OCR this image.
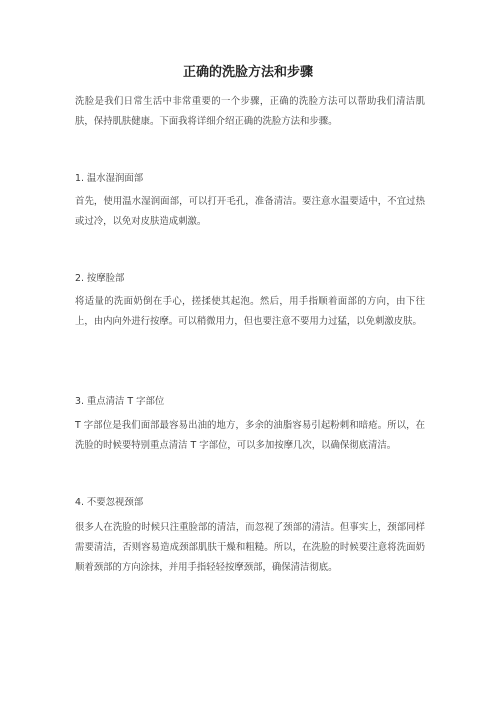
正确的洗脸方法和步骤
洗脸是我们日常生活中非常重要的一个步骤，正确的洗脸方法可以帮助我们清洁肌肤，保持肌肤健康。下面我将详细介绍正确的洗脸方法和步骤。
1. 温水湿润面部
首先，使用温水湿润面部，可以打开毛孔，准备清洁。要注意水温要适中，不宜过热或过冷，以免对皮肤造成刺激。
2. 按摩脸部
将适量的洗面奶倒在手心，搓揉使其起泡。然后，用手指顺着面部的方向，由下往上，由内向外进行按摩。可以稍微用力，但也要注意不要用力过猛，以免刺激皮肤。
3. 重点清洁 T 字部位
T 字部位是我们面部最容易出油的地方，多余的油脂容易引起粉刺和暗疮。所以，在洗脸的时候要特别重点清洁 T 字部位，可以多加按摩几次，以确保彻底清洁。
4. 不要忽视颈部
很多人在洗脸的时候只注重脸部的清洁，而忽视了颈部的清洁。但事实上，颈部同样需要清洁，否则容易造成颈部肌肤干燥和粗糙。所以，在洗脸的时候要注意将洗面奶顺着颈部的方向涂抹，并用手指轻轻按摩颈部，确保清洁彻底。
